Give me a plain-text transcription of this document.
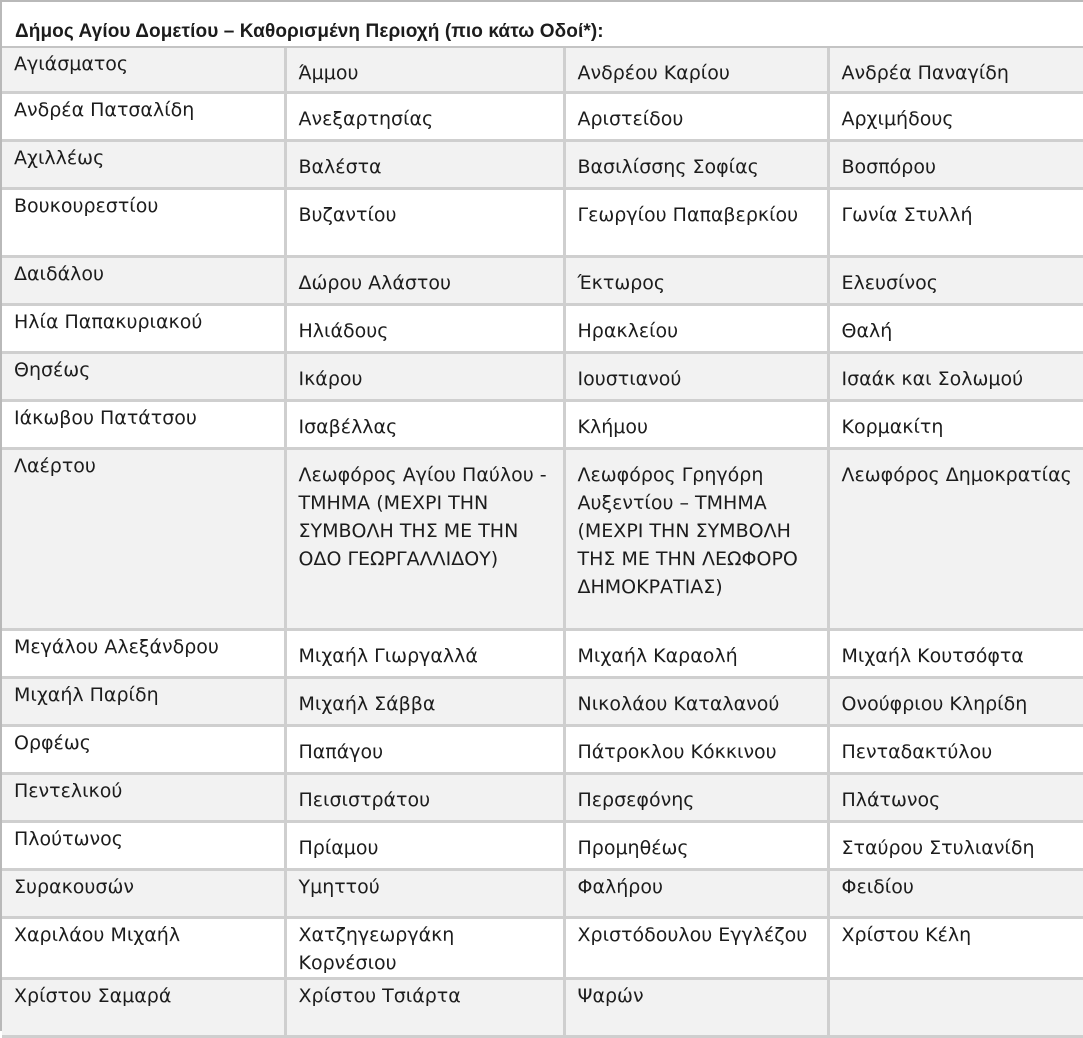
Δήμος Αγίου Δομετίου – Καθορισμένη Περιοχή (πιο κάτω Οδοί*):
Αγιάσματος	Άμμου	Ανδρέου Καρίου	Ανδρέα Παναγίδη

Ανδρέα Πατσαλίδη	Ανεξαρτησίας	Αριστείδου	Αρχιμήδους

Αχιλλέως	Βαλέστα	Βασιλίσσης Σοφίας	Βοσπόρου

Βουκουρεστίου	Βυζαντίου	Γεωργίου Παπαβερκίου	Γωνία Στυλλή

Δαιδάλου	Δώρου Αλάστου	Έκτωρος	Ελευσίνος

Ηλία Παπακυριακού	Ηλιάδους	Ηρακλείου	Θαλή

Θησέως	Ικάρου	Ιουστιανού	Ισαάκ και Σολωμού

Ιάκωβου Πατάτσου	Ισαβέλλας	Κλήμου	Κορμακίτη

Λαέρτου	Λεωφόρος Αγίου Παύλου - ΤΜΗΜΑ (ΜΕΧΡΙ ΤΗΝ ΣΥΜΒΟΛΗ ΤΗΣ ΜΕ ΤΗΝ ΟΔΟ ΓΕΩΡΓΑΛΛΙΔΟΥ)	Λεωφόρος Γρηγόρη Αυξεντίου – ΤΜΗΜΑ (ΜΕΧΡΙ ΤΗΝ ΣΥΜΒΟΛΗ ΤΗΣ ΜΕ ΤΗΝ ΛΕΩΦΟΡΟ ΔΗΜΟΚΡΑΤΙΑΣ)	Λεωφόρος Δημοκρατίας

Μεγάλου Αλεξάνδρου	Μιχαήλ Γιωργαλλά	Μιχαήλ Καραολή	Μιχαήλ Κουτσόφτα

Μιχαήλ Παρίδη	Μιχαήλ Σάββα	Νικολάου Καταλανού	Ονούφριου Κληρίδη

Ορφέως	Παπάγου	Πάτροκλου Κόκκινου	Πενταδακτύλου

Πεντελικού	Πεισιστράτου	Περσεφόνης	Πλάτωνος

Πλούτωνος	Πρίαμου	Προμηθέως	Σταύρου Στυλιανίδη

Συρακουσών	Υμηττού	Φαλήρου	Φειδίου

Χαριλάου Μιχαήλ	Χατζηγεωργάκη Κορνέσιου	Χριστόδουλου Εγγλέζου	Χρίστου Κέλη

Χρίστου Σαμαρά	Χρίστου Τσιάρτα	Ψαρών	
